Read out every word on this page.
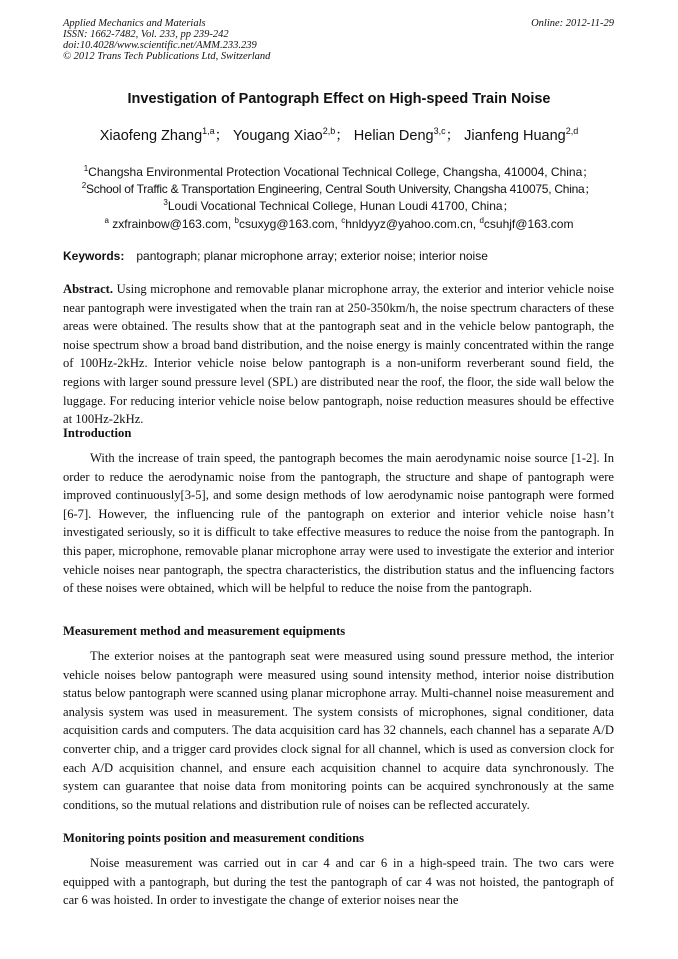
Applied Mechanics and Materials
ISSN: 1662-7482, Vol. 233, pp 239-242
doi:10.4028/www.scientific.net/AMM.233.239
© 2012 Trans Tech Publications Ltd, Switzerland
Online: 2012-11-29
Investigation of Pantograph Effect on High-speed Train Noise
Xiaofeng Zhang$^{1,a}$； Yougang Xiao$^{2,b}$； Helian Deng$^{3,c}$； Jianfeng Huang$^{2,d}$
$^1$Changsha Environmental Protection Vocational Technical College, Changsha, 410004, China；
$^2$School of Traffic & Transportation Engineering, Central South University, Changsha 410075, China；
$^3$Loudi Vocational Technical College, Hunan Loudi 41700, China；
$^a$ zxfrainbow@163.com, $^b$csuxyg@163.com, $^c$hnldyyz@yahoo.com.cn, $^d$csuhjf@163.com
Keywords: pantograph; planar microphone array; exterior noise; interior noise

Abstract. Using microphone and removable planar microphone array, the exterior and interior vehicle noise near pantograph were investigated when the train ran at 250-350km/h, the noise spectrum characters of these areas were obtained. The results show that at the pantograph seat and in the vehicle below pantograph, the noise spectrum show a broad band distribution, and the noise energy is mainly concentrated within the range of 100Hz-2kHz. Interior vehicle noise below pantograph is a non-uniform reverberant sound field, the regions with larger sound pressure level (SPL) are distributed near the roof, the floor, the side wall below the luggage. For reducing interior vehicle noise below pantograph, noise reduction measures should be effective at 100Hz-2kHz.

Introduction

With the increase of train speed, the pantograph becomes the main aerodynamic noise source [1-2]. In order to reduce the aerodynamic noise from the pantograph, the structure and shape of pantograph were improved continuously[3-5], and some design methods of low aerodynamic noise pantograph were formed [6-7]. However, the influencing rule of the pantograph on exterior and interior vehicle noise hasn’t investigated seriously, so it is difficult to take effective measures to reduce the noise from the pantograph. In this paper, microphone, removable planar microphone array were used to investigate the exterior and interior vehicle noises near pantograph, the spectra characteristics, the distribution status and the influencing factors of these noises were obtained, which will be helpful to reduce the noise from the pantograph.

Measurement method and measurement equipments

The exterior noises at the pantograph seat were measured using sound pressure method, the interior vehicle noises below pantograph were measured using sound intensity method, interior noise distribution status below pantograph were scanned using planar microphone array. Multi-channel noise measurement and analysis system was used in measurement. The system consists of microphones, signal conditioner, data acquisition cards and computers. The data acquisition card has 32 channels, each channel has a separate A/D converter chip, and a trigger card provides clock signal for all channel, which is used as conversion clock for each A/D acquisition channel, and ensure each acquisition channel to acquire data synchronously. The system can guarantee that noise data from monitoring points can be acquired synchronously at the same conditions, so the mutual relations and distribution rule of noises can be reflected accurately.

Monitoring points position and measurement conditions

Noise measurement was carried out in car 4 and car 6 in a high-speed train. The two cars were equipped with a pantograph, but during the test the pantograph of car 4 was not hoisted, the pantograph of car 6 was hoisted. In order to investigate the change of exterior noises near the
